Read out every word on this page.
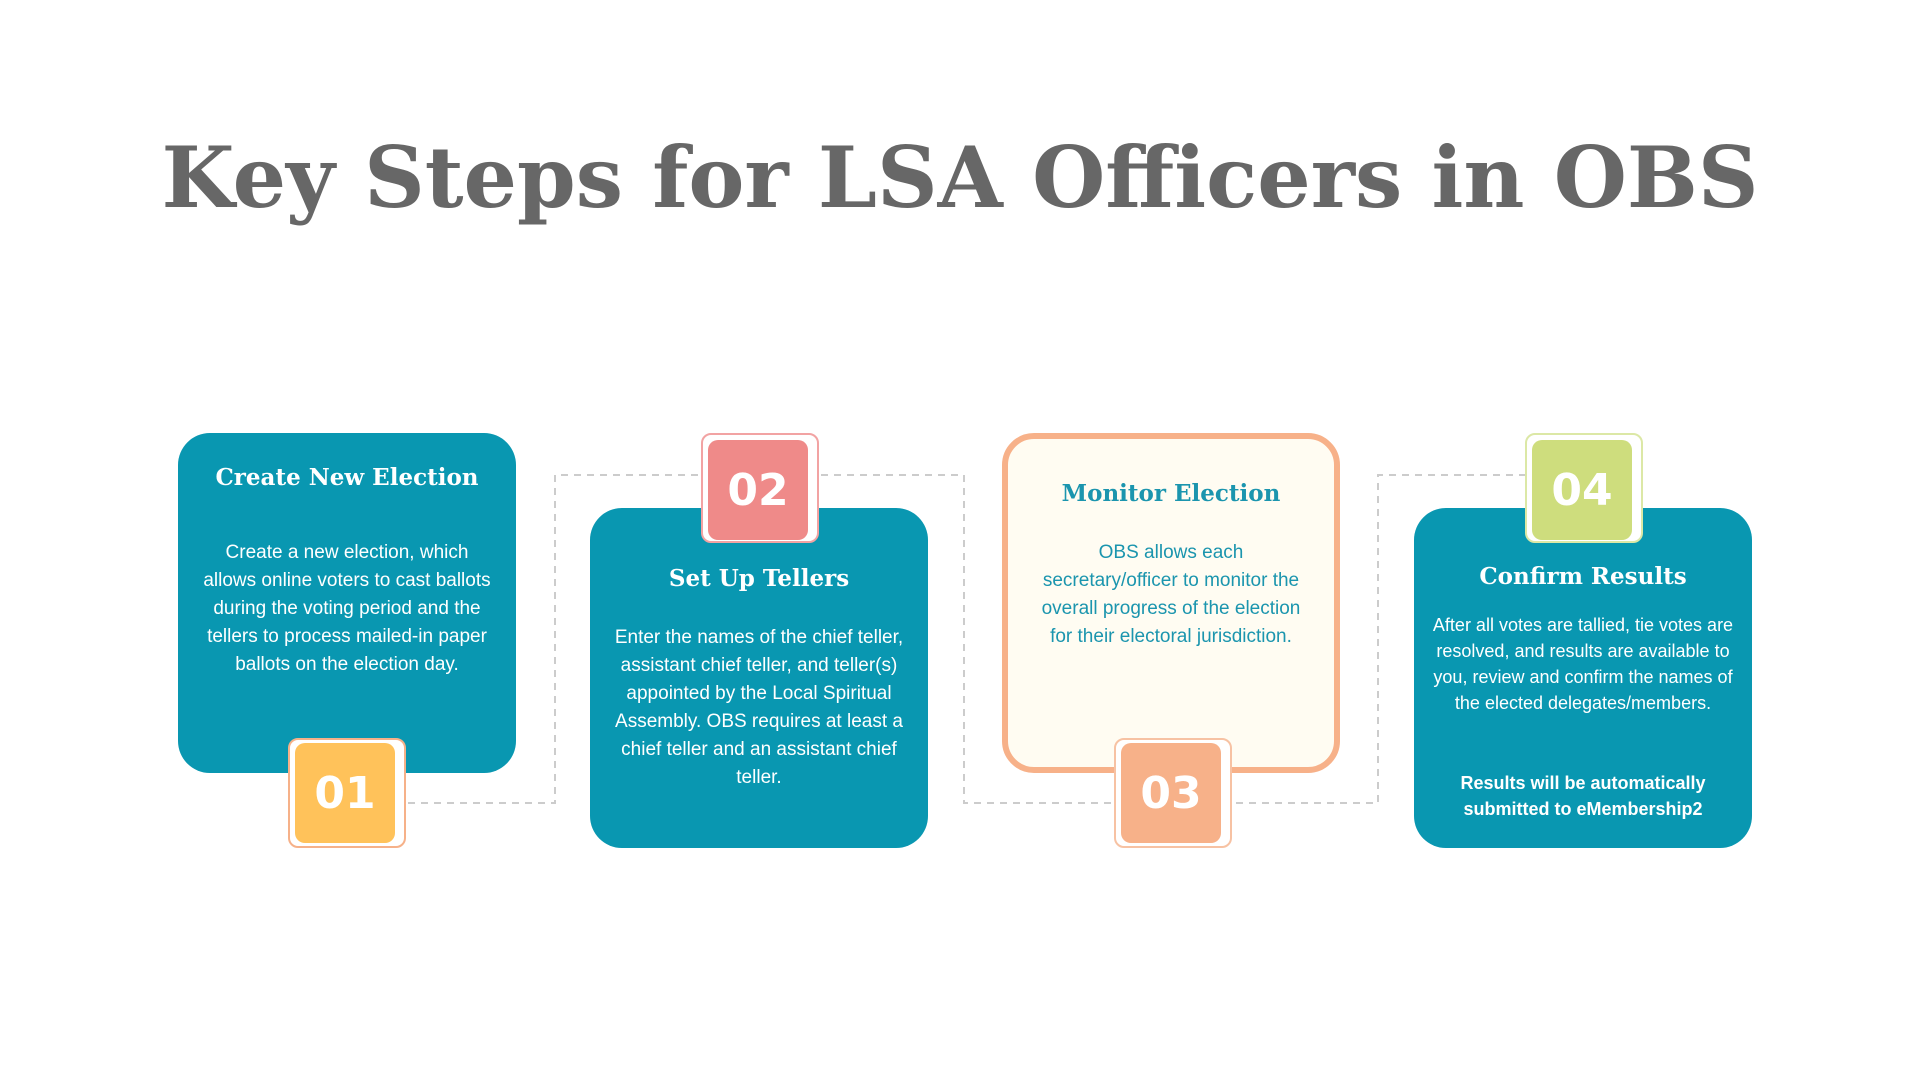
Key Steps for LSA Officers in OBS
Create New Election

Create a new election, which allows online voters to cast ballots during the voting period and the tellers to process mailed-in paper ballots on the election day.

01
Set Up Tellers

Enter the names of the chief teller, assistant chief teller, and teller(s) appointed by the Local Spiritual Assembly. OBS requires at least a chief teller and an assistant chief teller.

02	Monitor Election

OBS allows each secretary/officer to monitor the overall progress of the election for their electoral jurisdiction.

03
Confirm Results

After all votes are tallied, tie votes are resolved, and results are available to you, review and confirm the names of the elected delegates/members.

Results will be automatically submitted to eMembership2

04
